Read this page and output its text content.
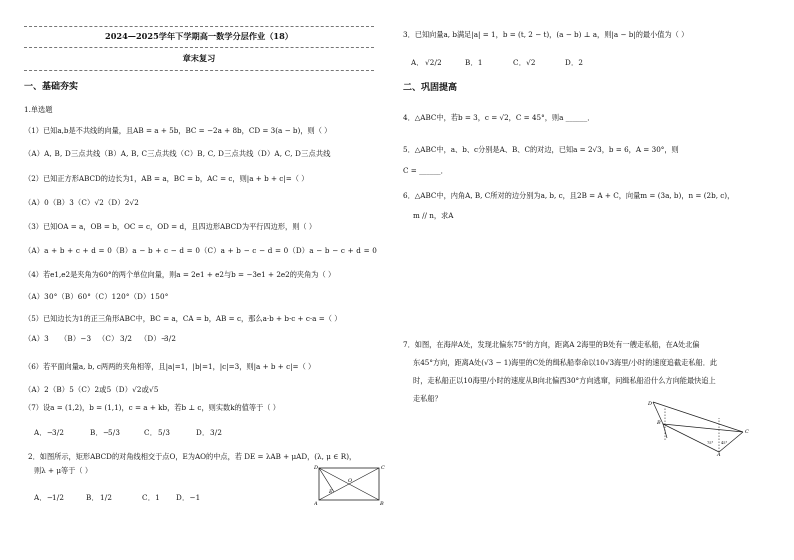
2024—2025学年下学期高一数学分层作业（18）
章末复习
一、基础夯实
1.单选题
（1）已知a,b是不共线的向量，且AB = a + 5b，BC = −2a + 8b，CD = 3(a − b)，则（ ）
（A）A, B, D三点共线（B）A, B, C三点共线（C）B, C, D三点共线（D）A, C, D三点共线
（2）已知正方形ABCD的边长为1，AB = a，BC = b，AC = c，则|a + b + c|=（ ）
（A）0（B）3（C）√2（D）2√2
（3）已知OA = a，OB = b，OC = c，OD = d，且四边形ABCD为平行四边形，则（ ）
（A）a + b + c + d = 0（B）a − b + c − d = 0（C）a + b − c − d = 0（D）a − b − c + d = 0
（4）若e1,e2是夹角为60°的两个单位向量，则a = 2e1 + e2与b = −3e1 + 2e2的夹角为（ ）
（A）30°（B）60°（C）120°（D）150°
（5）已知边长为1的正三角形ABC中，BC = a，CA = b，AB = c，那么a·b + b·c + c·a =（ ）
（A）3 （B）−3 （C） 3/2 （D）−
3/2
（6）若平面向量a, b, c两两的夹角相等，且|a|=1，|b|=1，|c|=3，则|a + b + c|=（ ）
（A）2（B）5（C）2或5（D）√2或√5
（7）设a = (1,2)，b = (1,1)，c = a + kb，若b ⊥ c，则实数k的值等于（ ）
A．−
3/2	B．−
5/3	C． 5/3	D． 3/2
2．如图所示，矩形ABCD的对角线相交于点O，E为AO的中点，若 DE = λAB + μAD，(λ, μ ∈ R)，
则λ + μ等于（ ）
A．−
1/2	B． 1/2	C．1 D．−1
D	C
O
E
A	B
3．已知向量a, b满足|a| = 1，b = (t, 2 − t)，(a − b) ⊥ a，则|a − b|的最小值为（ ）
A． √2/2	B．1	C．√2	D．2
二、巩固提高
4．△ABC中，若b = 3，c = √2，C = 45°，则a ______．
5．△ABC中，a、b、c分别是A、B、C的对边，已知a = 2√3，b = 6，A = 30°，则
C = ______．
6．△ABC中，内角A, B, C所对的边分别为a, b, c，且2B = A + C，向量m = (3a, b)，n = (2b, c)，
m // n，求A
7．如图，在海岸A处，发现北偏东75°的方向，距离A 2海里的B处有一艘走私船，在A处北偏
东45°方向，距离A处(√3 − 1)海里的C处的缉私船奉命以10√3海里/小时的速度追截走私船．此
时，走私船正以10海里/小时的速度从B向北偏西30°方向逃窜，问缉私船沿什么方向能最快追上
走私船？
D
B
C
A
75° 45°
